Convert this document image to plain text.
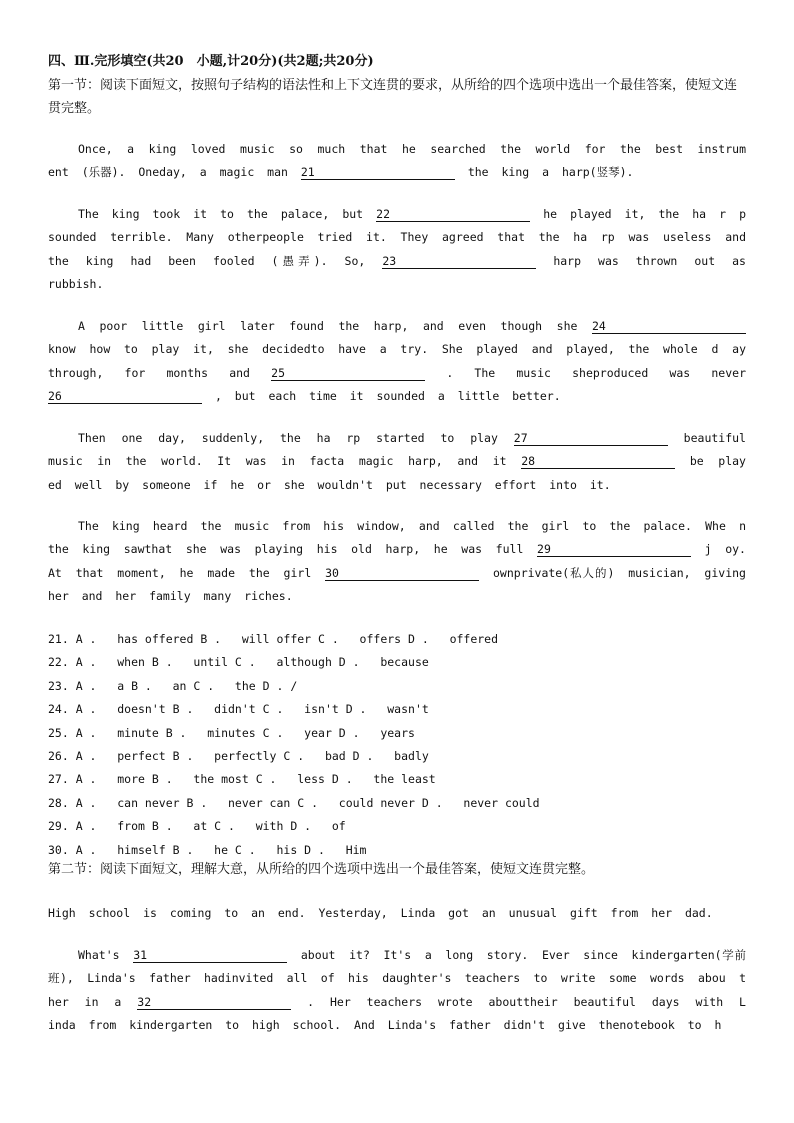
四、Ⅲ.完形填空(共20　小题,计20分)(共2题;共20分)
第一节：阅读下面短文，按照句子结构的语法性和上下文连贯的要求，从所给的四个选项中选出一个最佳答案，使短文连贯完整。
Once, a king loved music so much that he searched the world for the best instrum ent (乐器). Oneday, a magic man 21	the king a harp(竖琴).
The king took it to the palace, but 22	he played it, the ha r p sounded terrible. Many otherpeople tried it. They agreed that the ha rp was useless and the king had been fooled (愚弄). So, 23	harp was thrown out as rubbish.
A poor little girl later found the harp, and even though she 24 know how to play it, she decidedto have a try. She played and played, the whole d ay through, for months and 25	. The music sheproduced was never 26	, but each time it sounded a little better.
Then one day, suddenly, the ha rp started to play 27	beautiful music in the world. It was in facta magic harp, and it 28	be play ed well by someone if he or she wouldn't put necessary effort into it.
The king heard the music from his window, and called the girl to the palace. Whe n the king sawthat she was playing his old harp, he was full 29	j oy. At that moment, he made the girl 30	ownprivate(私人的) musician, giving her and her family many riches.
21. A .   has offered B .   will offer C .   offers D .   offered
22. A .   when B .   until C .   although D .   because
23. A .   a B .   an C .   the D . /
24. A .   doesn't B .   didn't C .   isn't D .   wasn't
25. A .   minute B .   minutes C .   year D .   years
26. A .   perfect B .   perfectly C .   bad D .   badly
27. A .   more B .   the most C .   less D .   the least
28. A .   can never B .   never can C .   could never D .   never could
29. A .   from B .   at C .   with D .   of
30. A .   himself B .   he C .   his D .   Him
第二节：阅读下面短文，理解大意，从所给的四个选项中选出一个最佳答案，使短文连贯完整。
High school is coming to an end. Yesterday, Linda got an unusual gift from her dad.
What's 31	about it? It's a long story. Ever since kindergarten(学前班), Linda's father hadinvited all of his daughter's teachers to write some words abou t her in a 32	. Her teachers wrote abouttheir beautiful days with L inda from kindergarten to high school. And Linda's father didn't give thenotebook to h
